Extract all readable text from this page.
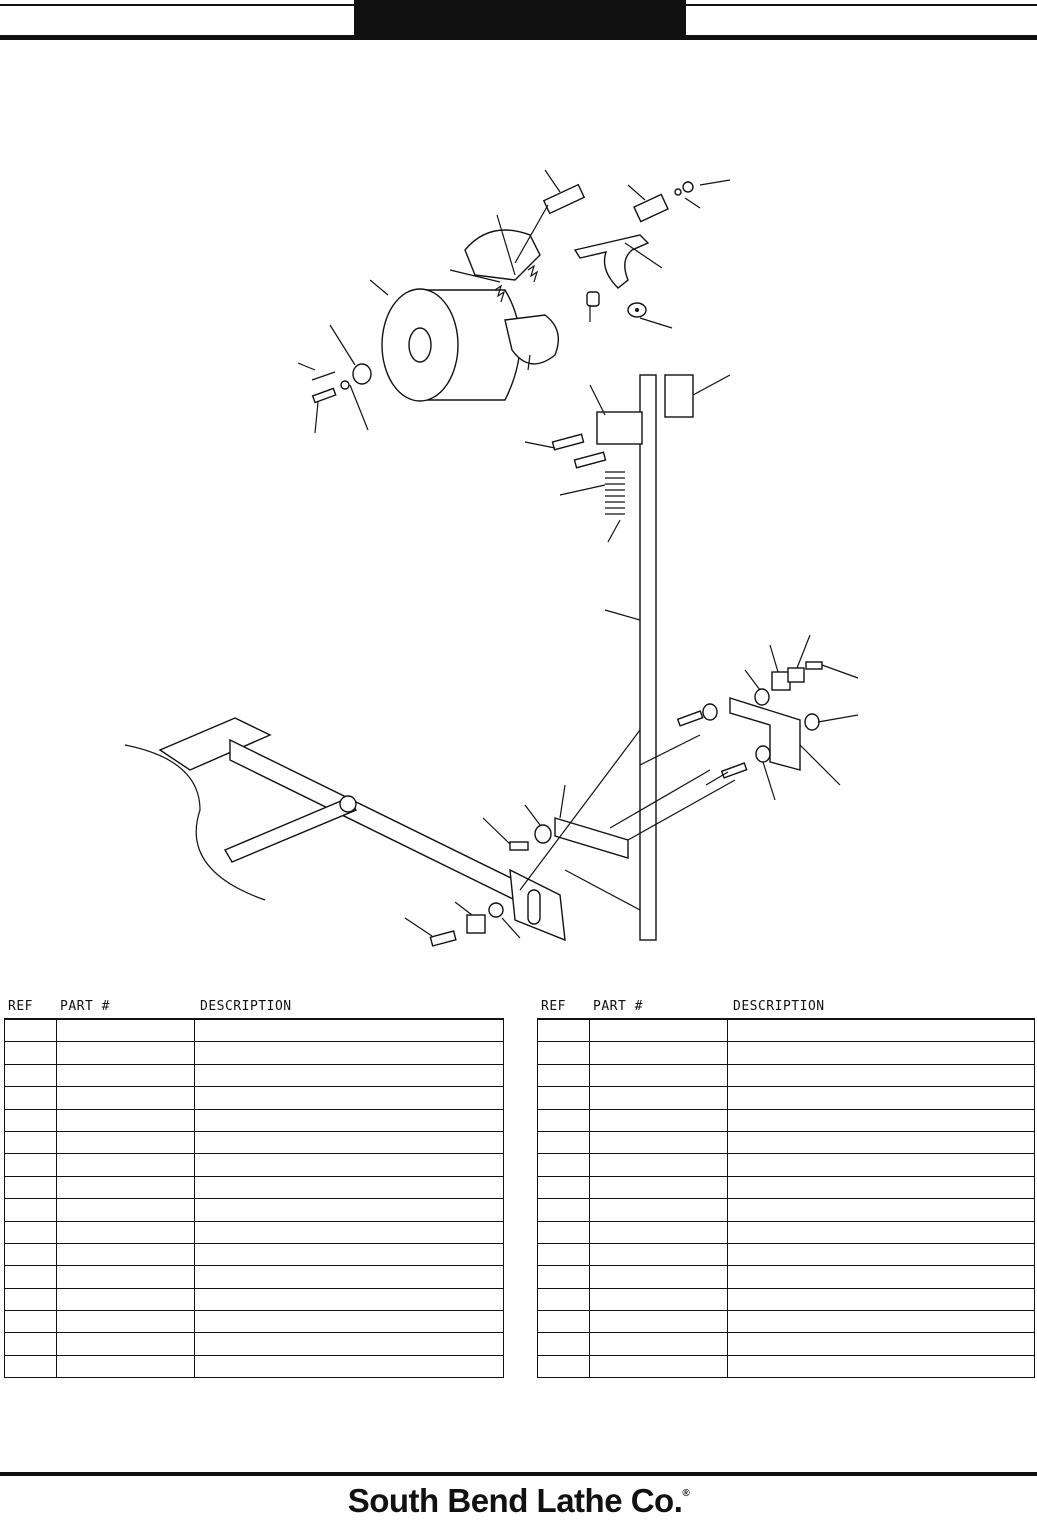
REF	PART #	DESCRIPTION	REF	PART #	DESCRIPTION
South Bend Lathe Co.®
